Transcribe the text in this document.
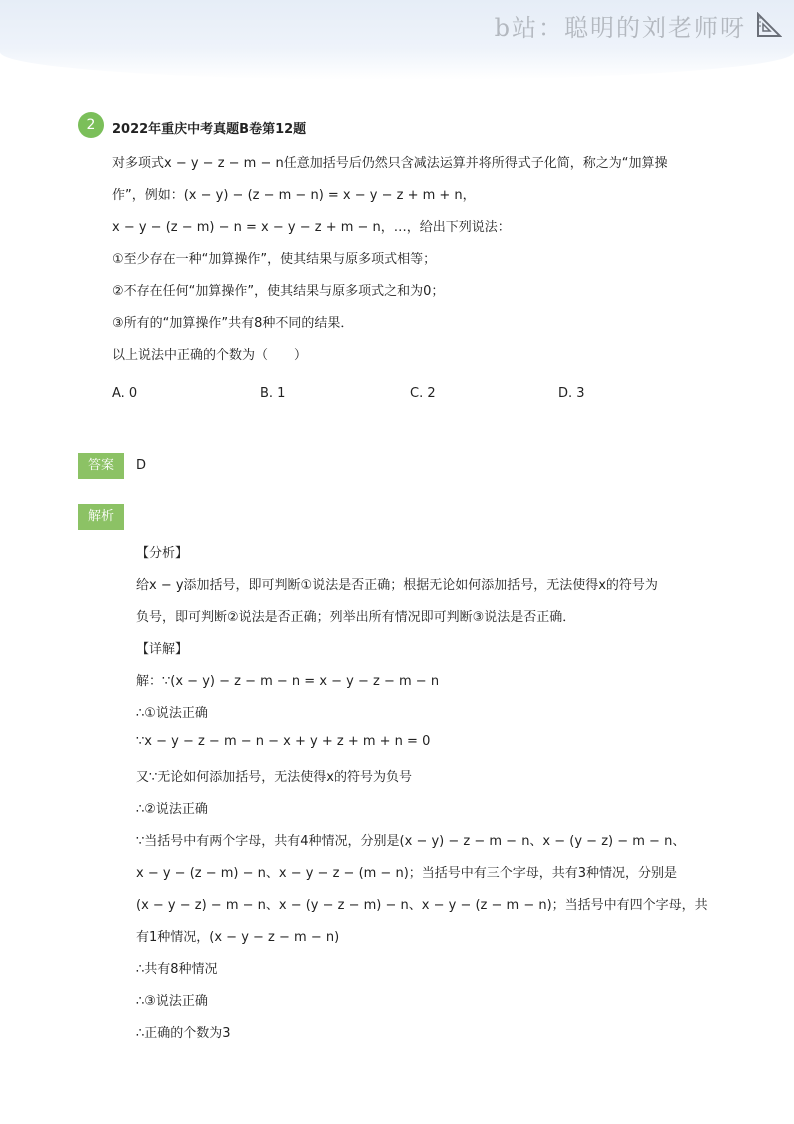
b站：聪明的刘老师呀
2	2022年重庆中考真题B卷第12题
对多项式x − y − z − m − n任意加括号后仍然只含减法运算并将所得式子化简，称之为“加算操
作”，例如：(x − y) − (z − m − n) = x − y − z + m + n，
x − y − (z − m) − n = x − y − z + m − n，…，给出下列说法：
①至少存在一种“加算操作”，使其结果与原多项式相等；
②不存在任何“加算操作”，使其结果与原多项式之和为0；
③所有的“加算操作”共有8种不同的结果．
以上说法中正确的个数为（　　）
A. 0	B. 1	C. 2	D. 3
答案	D
解析
【分析】
给x − y添加括号，即可判断①说法是否正确；根据无论如何添加括号，无法使得x的符号为
负号，即可判断②说法是否正确；列举出所有情况即可判断③说法是否正确．
【详解】
解：∵(x − y) − z − m − n = x − y − z − m − n
∴①说法正确
∵x − y − z − m − n − x + y + z + m + n = 0
又∵无论如何添加括号，无法使得x的符号为负号
∴②说法正确
∵当括号中有两个字母，共有4种情况，分别是(x − y) − z − m − n、x − (y − z) − m − n、
x − y − (z − m) − n、x − y − z − (m − n)；当括号中有三个字母，共有3种情况，分别是
(x − y − z) − m − n、x − (y − z − m) − n、x − y − (z − m − n)；当括号中有四个字母，共
有1种情况，(x − y − z − m − n)
∴共有8种情况
∴③说法正确
∴正确的个数为3
